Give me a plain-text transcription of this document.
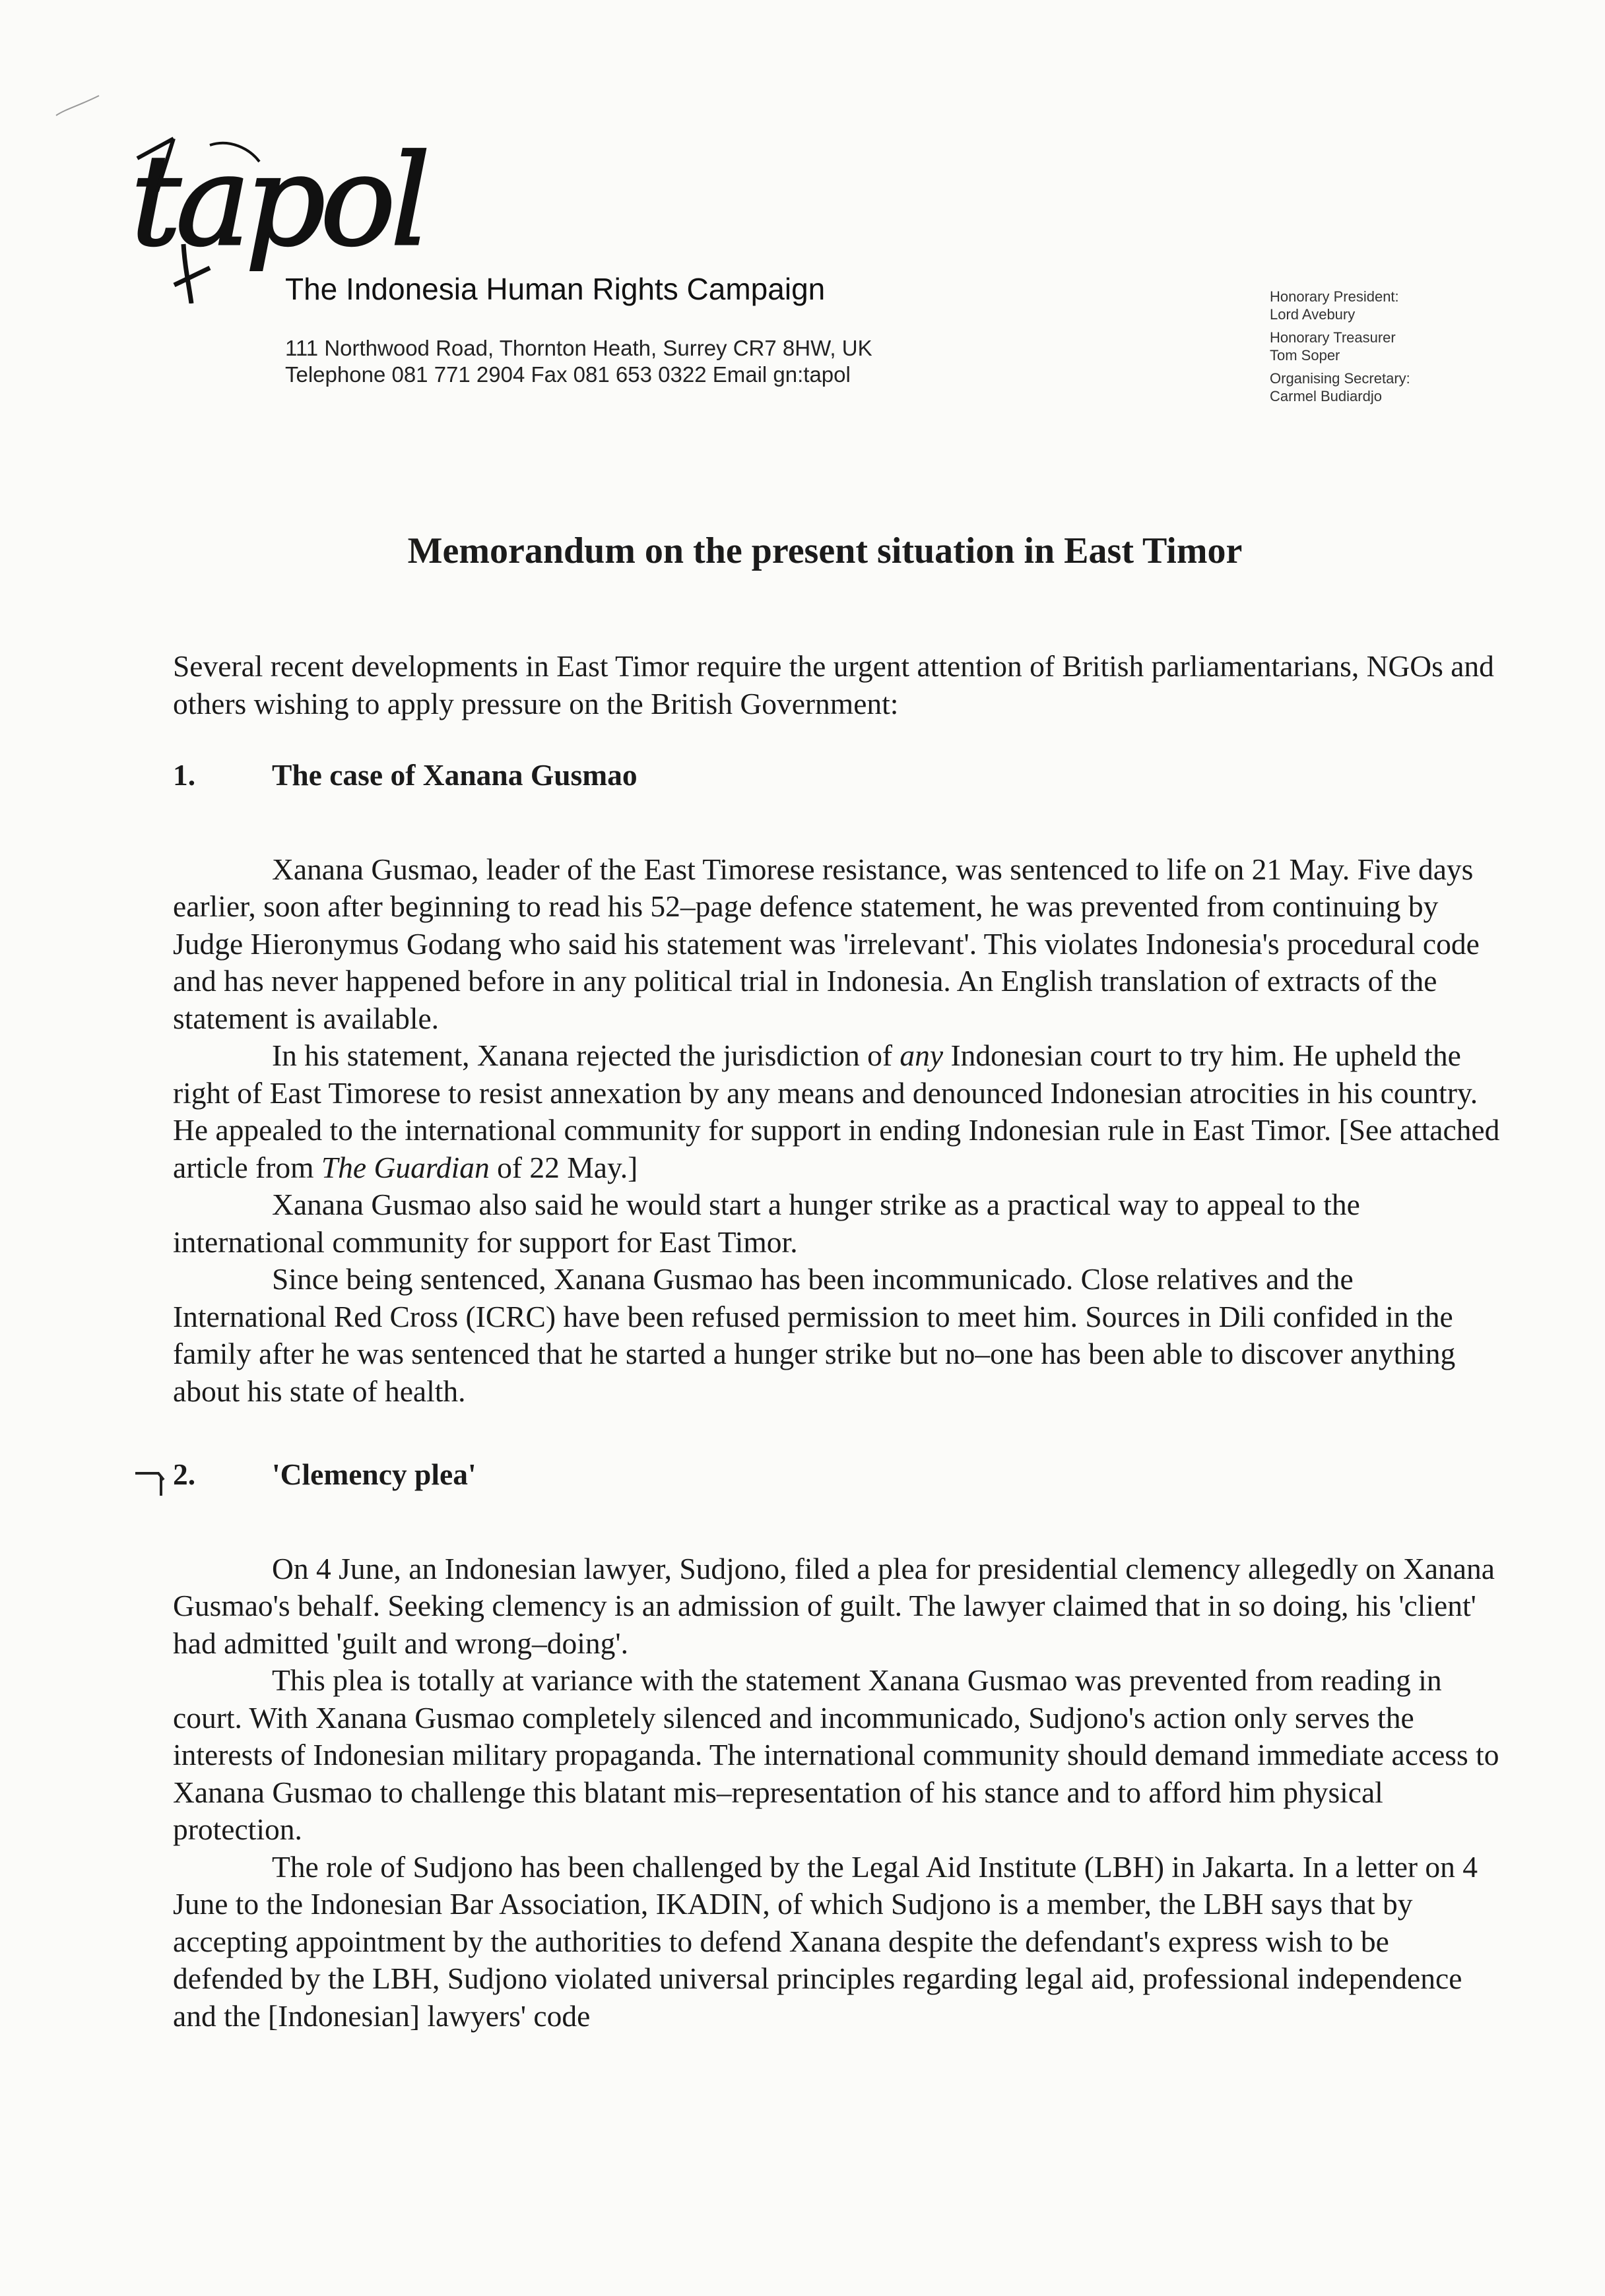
tapol
The Indonesia Human Rights Campaign
111 Northwood Road, Thornton Heath, Surrey CR7 8HW, UK
Telephone 081 771 2904 Fax 081 653 0322 Email gn:tapol
Honorary President:
Lord Avebury
Honorary Treasurer
Tom Soper
Organising Secretary:
Carmel Budiardjo
Memorandum on the present situation in East Timor

Several recent developments in East Timor require the urgent attention of British parliamentarians, NGOs and others wishing to apply pressure on the British Government:

1.	The case of Xanana Gusmao

Xanana Gusmao, leader of the East Timorese resistance, was sentenced to life on 21 May. Five days earlier, soon after beginning to read his 52–page defence statement, he was prevented from continuing by Judge Hieronymus Godang who said his statement was 'irrelevant'. This violates Indonesia's procedural code and has never happened before in any political trial in Indonesia. An English translation of extracts of the statement is available.

In his statement, Xanana rejected the jurisdiction of any Indonesian court to try him. He upheld the right of East Timorese to resist annexation by any means and denounced Indonesian atrocities in his country. He appealed to the international community for support in ending Indonesian rule in East Timor. [See attached article from The Guardian of 22 May.]

Xanana Gusmao also said he would start a hunger strike as a practical way to appeal to the international community for support for East Timor.

Since being sentenced, Xanana Gusmao has been incommunicado. Close relatives and the International Red Cross (ICRC) have been refused permission to meet him. Sources in Dili confided in the family after he was sentenced that he started a hunger strike but no–one has been able to discover anything about his state of health.

2.	'Clemency plea'

On 4 June, an Indonesian lawyer, Sudjono, filed a plea for presidential clemency allegedly on Xanana Gusmao's behalf. Seeking clemency is an admission of guilt. The lawyer claimed that in so doing, his 'client' had admitted 'guilt and wrong–doing'.

This plea is totally at variance with the statement Xanana Gusmao was prevented from reading in court. With Xanana Gusmao completely silenced and incommunicado, Sudjono's action only serves the interests of Indonesian military propaganda. The international community should demand immediate access to Xanana Gusmao to challenge this blatant mis–representation of his stance and to afford him physical protection.

The role of Sudjono has been challenged by the Legal Aid Institute (LBH) in Jakarta. In a letter on 4 June to the Indonesian Bar Association, IKADIN, of which Sudjono is a member, the LBH says that by accepting appointment by the authorities to defend Xanana despite the defendant's express wish to be defended by the LBH, Sudjono violated universal principles regarding legal aid, professional independence and the [Indonesian] lawyers' code
